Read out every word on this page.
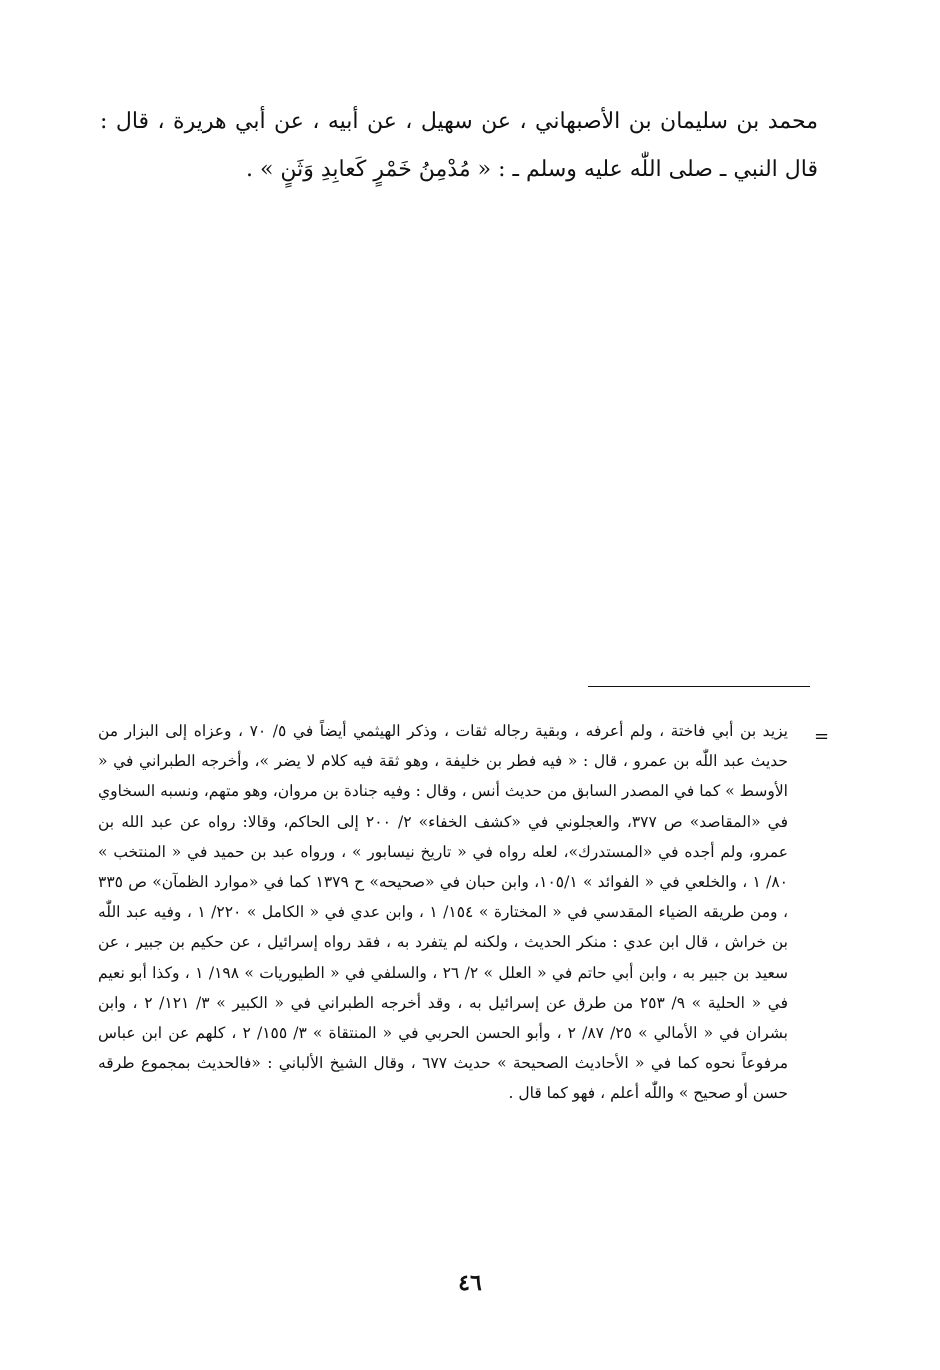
محمد بن سليمان بن الأصبهاني ، عن سهيل ، عن أبيه ، عن أبي هريرة ، قال : قال النبي ـ صلى اللّٰه عليه وسلم ـ : « مُدْمِنُ خَمْرٍ كَعابِدِ وَثَنٍ » .

=

يزيد بن أبي فاختة ، ولم أعرفه ، وبقية رجاله ثقات ، وذكر الهيثمي أيضاً في ٥/ ٧٠ ، وعزاه إلى البزار من حديث عبد اللّٰه بن عمرو ، قال : « فيه فطر بن خليفة ، وهو ثقة فيه كلام لا يضر »، وأخرجه الطبراني في « الأوسط » كما في المصدر السابق من حديث أنس ، وقال : وفيه جنادة بن مروان، وهو متهم، ونسبه السخاوي في «المقاصد» ص ٣٧٧، والعجلوني في «كشف الخفاء» ٢/ ٢٠٠ إلى الحاكم، وقالا: رواه عن عبد الله بن عمرو، ولم أجده في «المستدرك»، لعله رواه في « تاريخ نيسابور » ، ورواه عبد بن حميد في « المنتخب » ٨٠/ ١ ، والخلعي في « الفوائد » ١٠٥/١، وابن حبان في «صحيحه» ح ١٣٧٩ كما في «موارد الظمآن» ص ٣٣٥ ، ومن طريقه الضياء المقدسي في « المختارة » ١٥٤/ ١ ، وابن عدي في « الكامل » ٢٢٠/ ١ ، وفيه عبد اللّٰه بن خراش ، قال ابن عدي : منكر الحديث ، ولكنه لم يتفرد به ، فقد رواه إسرائيل ، عن حكيم بن جبير ، عن سعيد بن جبير به ، وابن أبي حاتم في « العلل » ٢/ ٢٦ ، والسلفي في « الطيوريات » ١٩٨/ ١ ، وكذا أبو نعيم في « الحلية » ٩/ ٢٥٣ من طرق عن إسرائيل به ، وقد أخرجه الطبراني في « الكبير » ٣/ ١٢١/ ٢ ، وابن بشران في « الأمالي » ٢٥/ ٨٧/ ٢ ، وأبو الحسن الحربي في « المنتقاة » ٣/ ١٥٥/ ٢ ، كلهم عن ابن عباس مرفوعاً نحوه كما في « الأحاديث الصحيحة » حديث ٦٧٧ ، وقال الشيخ الألباني : «فالحديث بمجموع طرقه حسن أو صحيح » واللّٰه أعلم ، فهو كما قال .

٤٦
